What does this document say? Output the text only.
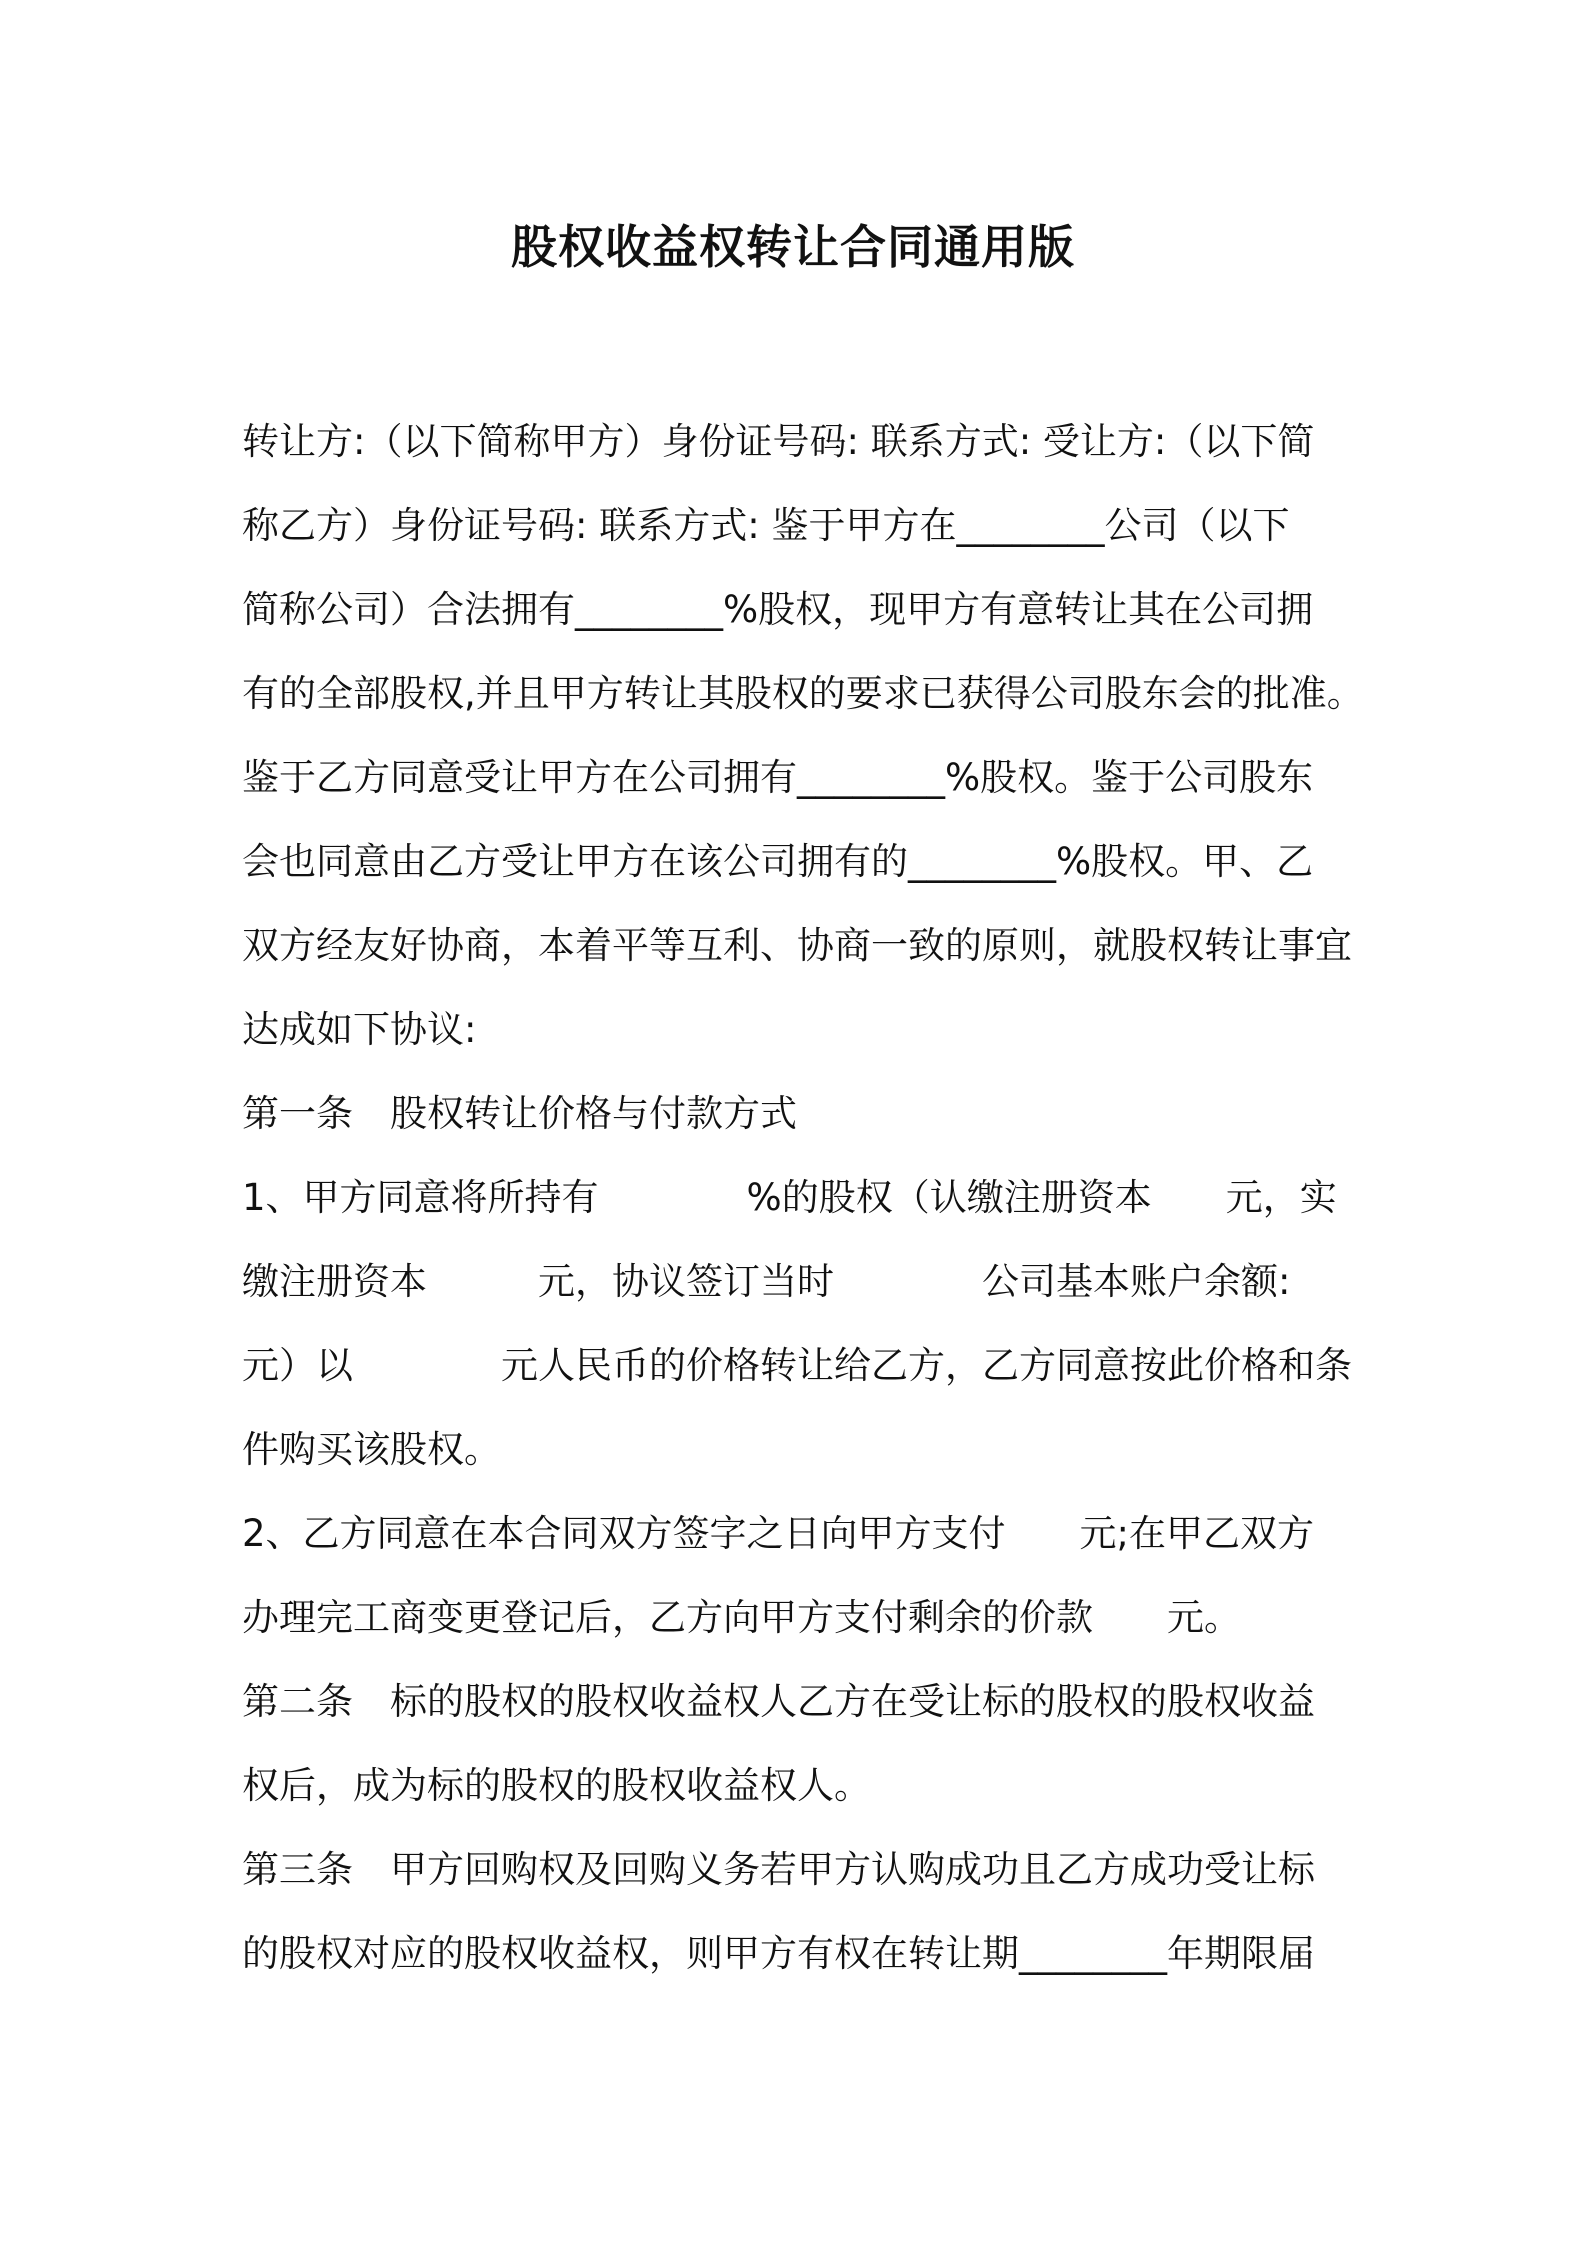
股权收益权转让合同通用版
转让方:（以下简称甲方）身份证号码: 联系方式: 受让方:（以下简
称乙方）身份证号码: 联系方式: 鉴于甲方在________公司（以下
简称公司）合法拥有________%股权，现甲方有意转让其在公司拥
有的全部股权,并且甲方转让其股权的要求已获得公司股东会的批准。
鉴于乙方同意受让甲方在公司拥有________%股权。鉴于公司股东
会也同意由乙方受让甲方在该公司拥有的________%股权。甲、乙
双方经友好协商，本着平等互利、协商一致的原则，就股权转让事宜
达成如下协议:
第一条　股权转让价格与付款方式
1、甲方同意将所持有　　　　%的股权（认缴注册资本　　元，实
缴注册资本　　　元，协议签订当时　　　　公司基本账户余额:
元）以　　　　元人民币的价格转让给乙方，乙方同意按此价格和条
件购买该股权。
2、乙方同意在本合同双方签字之日向甲方支付　　元;在甲乙双方
办理完工商变更登记后，乙方向甲方支付剩余的价款　　元。
第二条　标的股权的股权收益权人乙方在受让标的股权的股权收益
权后，成为标的股权的股权收益权人。
第三条　甲方回购权及回购义务若甲方认购成功且乙方成功受让标
的股权对应的股权收益权，则甲方有权在转让期________年期限届
